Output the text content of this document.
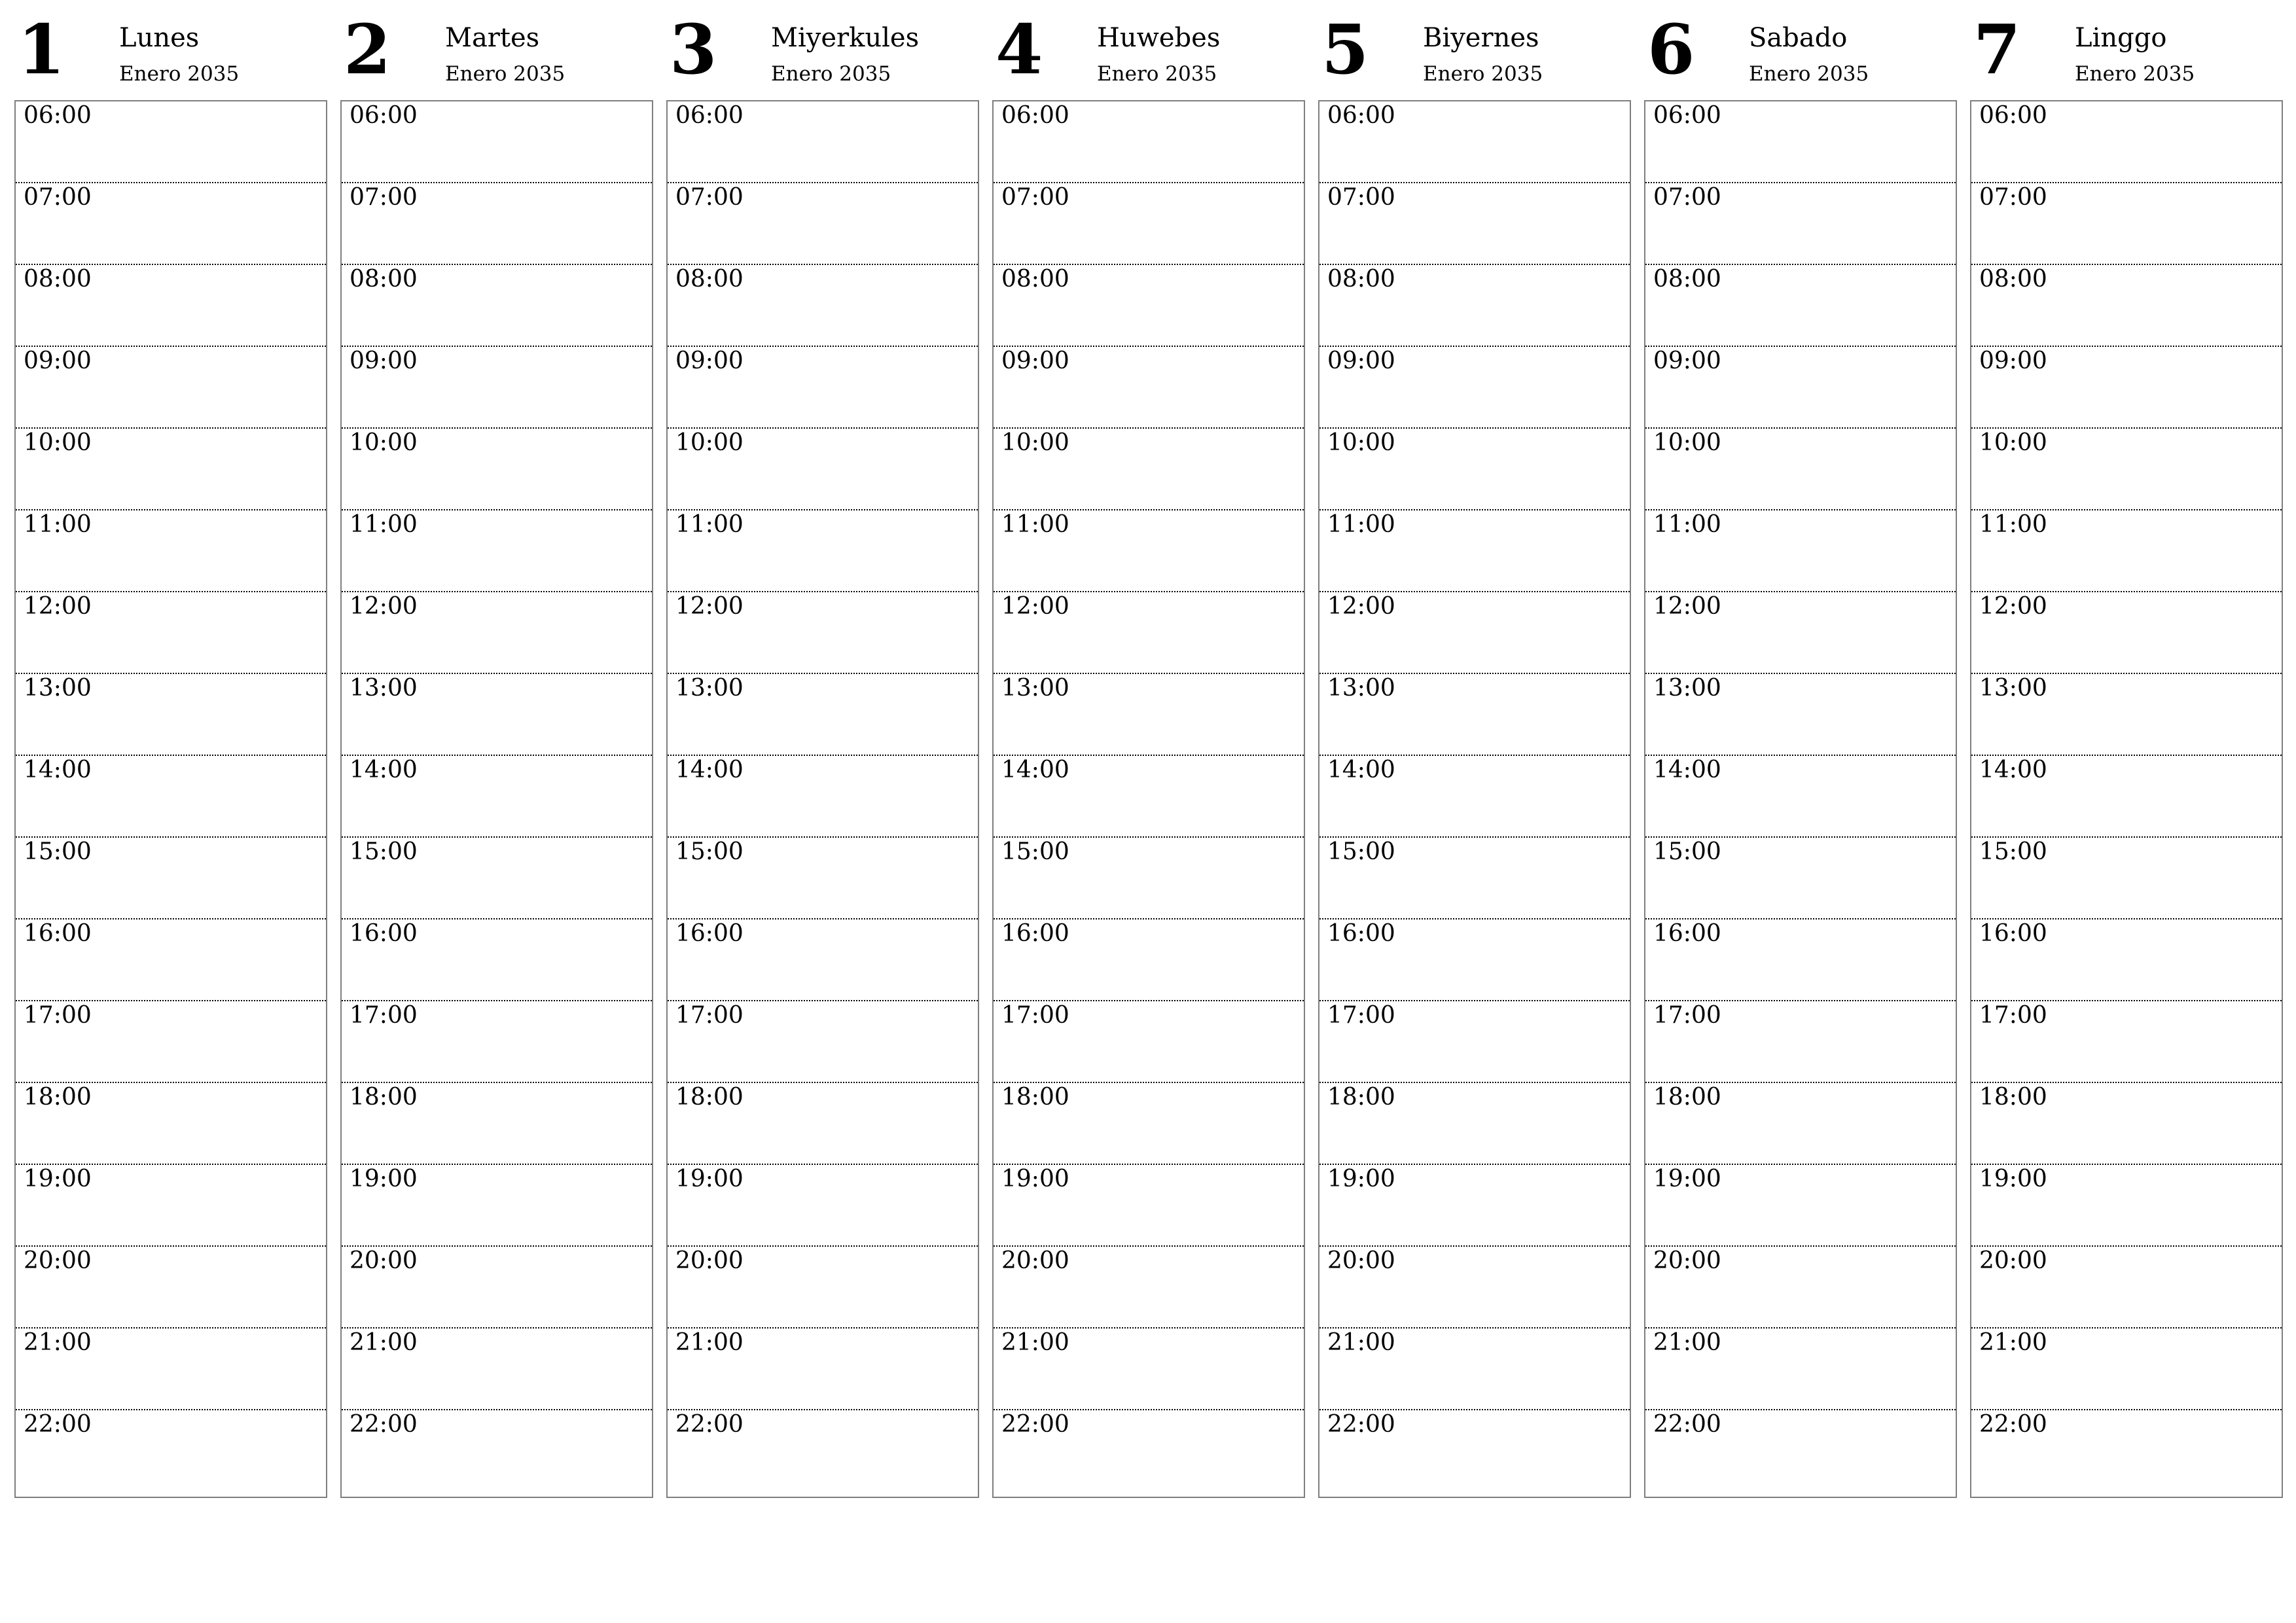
1 Lunes
Enero 2035
06:00
07:00
08:00
09:00
10:00
11:00
12:00
13:00
14:00
15:00
16:00
17:00
18:00
19:00
20:00
21:00
22:00
2 Martes
Enero 2035
06:00
07:00
08:00
09:00
10:00
11:00
12:00
13:00
14:00
15:00
16:00
17:00
18:00
19:00
20:00
21:00
22:00
3 Miyerkules
Enero 2035
06:00
07:00
08:00
09:00
10:00
11:00
12:00
13:00
14:00
15:00
16:00
17:00
18:00
19:00
20:00
21:00
22:00
4 Huwebes
Enero 2035
06:00
07:00
08:00
09:00
10:00
11:00
12:00
13:00
14:00
15:00
16:00
17:00
18:00
19:00
20:00
21:00
22:00
5 Biyernes
Enero 2035
06:00
07:00
08:00
09:00
10:00
11:00
12:00
13:00
14:00
15:00
16:00
17:00
18:00
19:00
20:00
21:00
22:00
6 Sabado
Enero 2035
06:00
07:00
08:00
09:00
10:00
11:00
12:00
13:00
14:00
15:00
16:00
17:00
18:00
19:00
20:00
21:00
22:00
7 Linggo
Enero 2035
06:00
07:00
08:00
09:00
10:00
11:00
12:00
13:00
14:00
15:00
16:00
17:00
18:00
19:00
20:00
21:00
22:00
